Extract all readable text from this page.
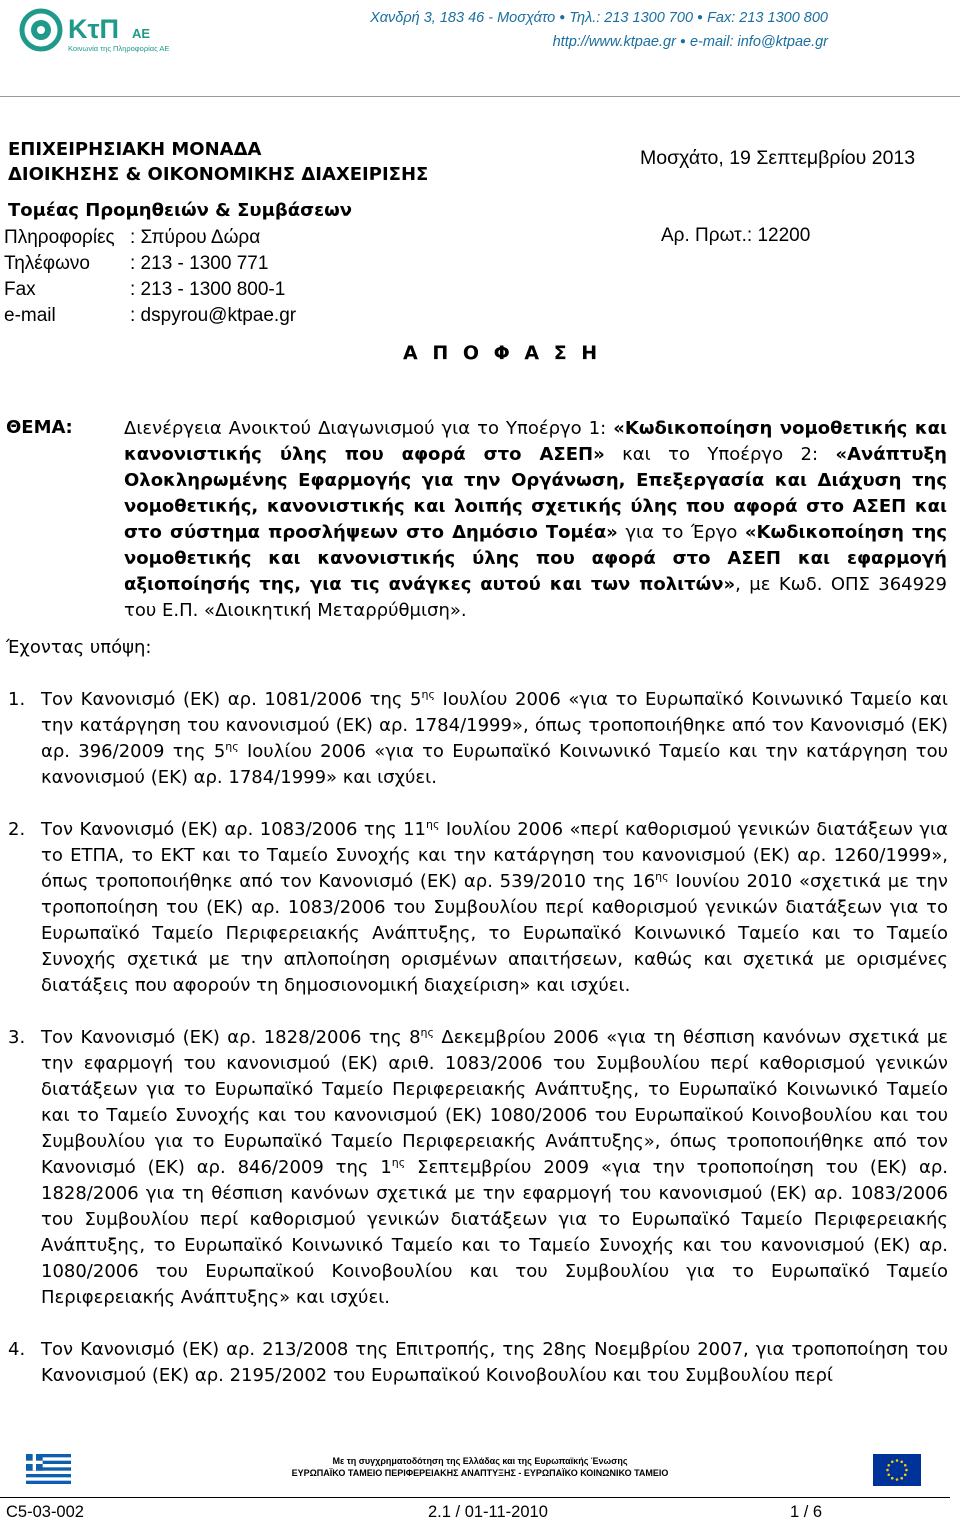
ΚτΠ ΑΕ
Κοινωνία της Πληροφορίας ΑΕ
Χανδρή 3, 183 46 - Μοσχάτο ● Τηλ.: 213 1300 700 ● Fax: 213 1300 800
http://www.ktpae.gr ● e-mail: info@ktpae.gr
ΕΠΙΧΕΙΡΗΣΙΑΚΗ ΜΟΝΑΔΑ
ΔΙΟΙΚΗΣΗΣ & ΟΙΚΟΝΟΜΙΚΗΣ ΔΙΑΧΕΙΡΙΣΗΣ
Τομέας Προμηθειών & Συμβάσεων
Πληροφορίες : Σπύρου Δώρα
Τηλέφωνο	: 213 - 1300 771
Fax	: 213 - 1300 800-1
e-mail	: dspyrou@ktpae.gr
Μοσχάτο, 19 Σεπτεμβρίου 2013
Αρ. Πρωτ.: 12200
Α Π Ο Φ Α Σ Η
ΘΕΜΑ:	Διενέργεια Ανοικτού Διαγωνισμού για το Υποέργο 1: «Κωδικοποίηση νομοθετικής και κανονιστικής ύλης που αφορά στο ΑΣΕΠ» και το Υποέργο 2: «Ανάπτυξη Ολοκληρωμένης Εφαρμογής για την Οργάνωση, Επεξεργασία και Διάχυση της νομοθετικής, κανονιστικής και λοιπής σχετικής ύλης που αφορά στο ΑΣΕΠ και στο σύστημα προσλήψεων στο Δημόσιο Τομέα» για το Έργο «Κωδικοποίηση της νομοθετικής και κανονιστικής ύλης που αφορά στο ΑΣΕΠ και εφαρμογή αξιοποίησής της, για τις ανάγκες αυτού και των πολιτών», με Κωδ. ΟΠΣ 364929 του Ε.Π. «Διοικητική Μεταρρύθμιση».
Έχοντας υπόψη:
1. Τον Κανονισμό (ΕΚ) αρ. 1081/2006 της $5^{\eta\varsigma}$ Ιουλίου 2006 «για το Ευρωπαϊκό Κοινωνικό Ταμείο και την κατάργηση του κανονισμού (ΕΚ) αρ. 1784/1999», όπως τροποποιήθηκε από τον Κανονισμό (ΕΚ) αρ. 396/2009 της $5^{\eta\varsigma}$ Ιουλίου 2006 «για το Ευρωπαϊκό Κοινωνικό Ταμείο και την κατάργηση του κανονισμού (ΕΚ) αρ. 1784/1999» και ισχύει.
2. Τον Κανονισμό (ΕΚ) αρ. 1083/2006 της $11^{\eta\varsigma}$ Ιουλίου 2006 «περί καθορισμού γενικών διατάξεων για το ΕΤΠΑ, το ΕΚΤ και το Ταμείο Συνοχής και την κατάργηση του κανονισμού (ΕΚ) αρ. 1260/1999», όπως τροποποιήθηκε από τον Κανονισμό (ΕΚ) αρ. 539/2010 της $16^{\eta\varsigma}$ Ιουνίου 2010 «σχετικά με την τροποποίηση του (ΕΚ) αρ. 1083/2006 του Συμβουλίου περί καθορισμού γενικών διατάξεων για το Ευρωπαϊκό Ταμείο Περιφερειακής Ανάπτυξης, το Ευρωπαϊκό Κοινωνικό Ταμείο και το Ταμείο Συνοχής σχετικά με την απλοποίηση ορισμένων απαιτήσεων, καθώς και σχετικά με ορισμένες διατάξεις που αφορούν τη δημοσιονομική διαχείριση» και ισχύει.
3. Τον Κανονισμό (ΕΚ) αρ. 1828/2006 της $8^{\eta\varsigma}$ Δεκεμβρίου 2006 «για τη θέσπιση κανόνων σχετικά με την εφαρμογή του κανονισμού (ΕΚ) αριθ. 1083/2006 του Συμβουλίου περί καθορισμού γενικών διατάξεων για το Ευρωπαϊκό Ταμείο Περιφερειακής Ανάπτυξης, το Ευρωπαϊκό Κοινωνικό Ταμείο και το Ταμείο Συνοχής και του κανονισμού (ΕΚ) 1080/2006 του Ευρωπαϊκού Κοινοβουλίου και του Συμβουλίου για το Ευρωπαϊκό Ταμείο Περιφερειακής Ανάπτυξης», όπως τροποποιήθηκε από τον Κανονισμό (ΕΚ) αρ. 846/2009 της $1^{\eta\varsigma}$ Σεπτεμβρίου 2009 «για την τροποποίηση του (ΕΚ) αρ. 1828/2006 για τη θέσπιση κανόνων σχετικά με την εφαρμογή του κανονισμού (ΕΚ) αρ. 1083/2006 του Συμβουλίου περί καθορισμού γενικών διατάξεων για το Ευρωπαϊκό Ταμείο Περιφερειακής Ανάπτυξης, το Ευρωπαϊκό Κοινωνικό Ταμείο και το Ταμείο Συνοχής και του κανονισμού (ΕΚ) αρ. 1080/2006 του Ευρωπαϊκού Κοινοβουλίου και του Συμβουλίου για το Ευρωπαϊκό Ταμείο Περιφερειακής Ανάπτυξης» και ισχύει.
4. Τον Κανονισμό (ΕΚ) αρ. 213/2008 της Επιτροπής, της 28ης Νοεμβρίου 2007, για τροποποίηση του Κανονισμού (ΕΚ) αρ. 2195/2002 του Ευρωπαϊκού Κοινοβουλίου και του Συμβουλίου περί
Με τη συγχρηματοδότηση της Ελλάδας και της Ευρωπαϊκής Ένωσης
ΕΥΡΩΠΑΪΚΟ ΤΑΜΕΙΟ ΠΕΡΙΦΕΡΕΙΑΚΗΣ ΑΝΑΠΤΥΞΗΣ - ΕΥΡΩΠΑΪΚΟ ΚΟΙΝΩΝΙΚΟ ΤΑΜΕΙΟ
C5-03-002	2.1 / 01-11-2010	1 / 6
